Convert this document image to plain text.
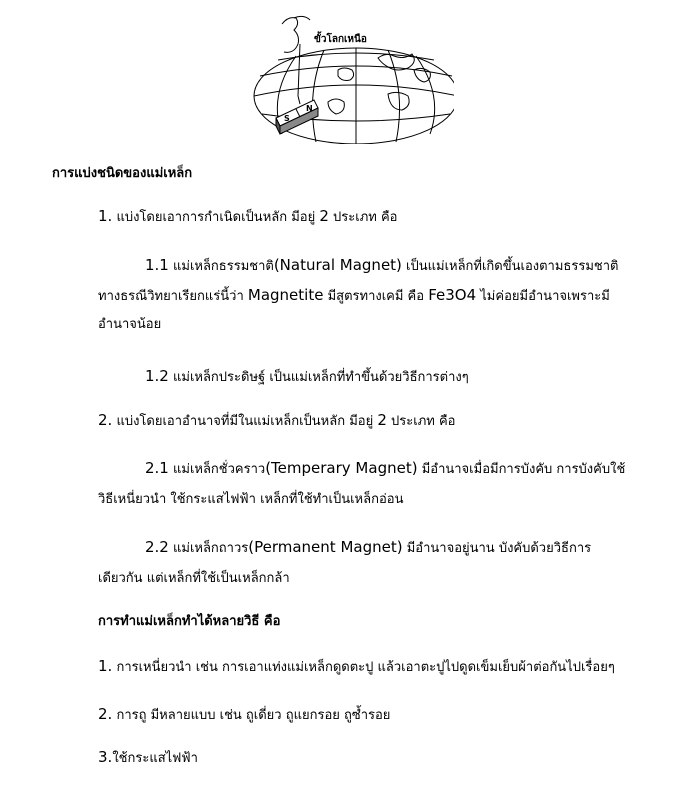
S
N
ขั้วโลกเหนือ
การแบ่งชนิดของแม่เหล็ก
1. แบ่งโดยเอาการกำเนิดเป็นหลัก มีอยู่ 2 ประเภท คือ
1.1 แม่เหล็กธรรมชาติ(Natural Magnet) เป็นแม่เหล็กที่เกิดขึ้นเองตามธรรมชาติ
ทางธรณีวิทยาเรียกแร่นี้ว่า Magnetite มีสูตรทางเคมี คือ Fe3O4 ไม่ค่อยมีอำนาจเพราะมี
อำนาจน้อย
1.2 แม่เหล็กประดิษฐ์ เป็นแม่เหล็กที่ทำขึ้นด้วยวิธีการต่างๆ
2. แบ่งโดยเอาอำนาจที่มีในแม่เหล็กเป็นหลัก มีอยู่ 2 ประเภท คือ
2.1 แม่เหล็กชั่วคราว(Temperary Magnet) มีอำนาจเมื่อมีการบังคับ การบังคับใช้
วิธีเหนี่ยวนำ ใช้กระแสไฟฟ้า เหล็กที่ใช้ทำเป็นเหล็กอ่อน
2.2 แม่เหล็กถาวร(Permanent Magnet) มีอำนาจอยู่นาน บังคับด้วยวิธีการ
เดียวกัน แต่เหล็กที่ใช้เป็นเหล็กกล้า
การทำแม่เหล็กทำได้หลายวิธี คือ
1. การเหนี่ยวนำ เช่น การเอาแท่งแม่เหล็กดูดตะปู แล้วเอาตะปูไปดูดเข็มเย็บผ้าต่อกันไปเรื่อยๆ
2. การถู มีหลายแบบ เช่น ถูเดี่ยว ถูแยกรอย ถูซ้ำรอย
3.ใช้กระแสไฟฟ้า
